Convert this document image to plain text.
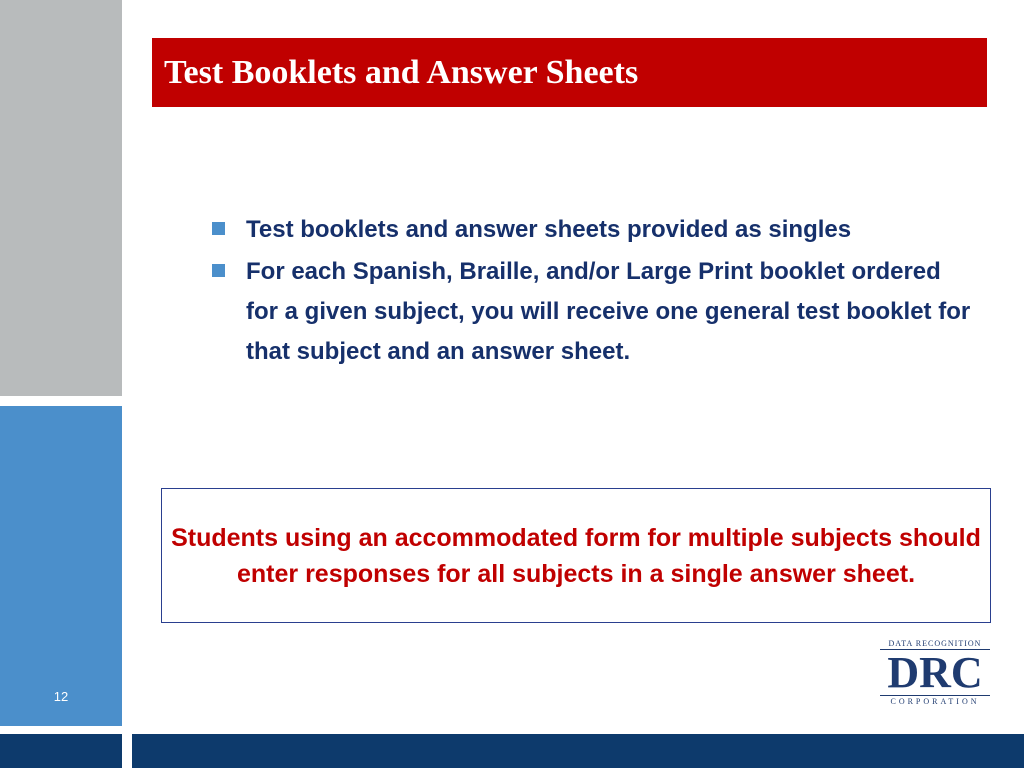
12
Test Booklets and Answer Sheets
Test booklets and answer sheets provided as singles
For each Spanish, Braille, and/or Large Print booklet ordered for a given subject, you will receive one general test booklet for that subject and an answer sheet.
Students using an accommodated form for multiple subjects should enter responses for all subjects in a single answer sheet.
DATA RECOGNITION
DRC
CORPORATION
